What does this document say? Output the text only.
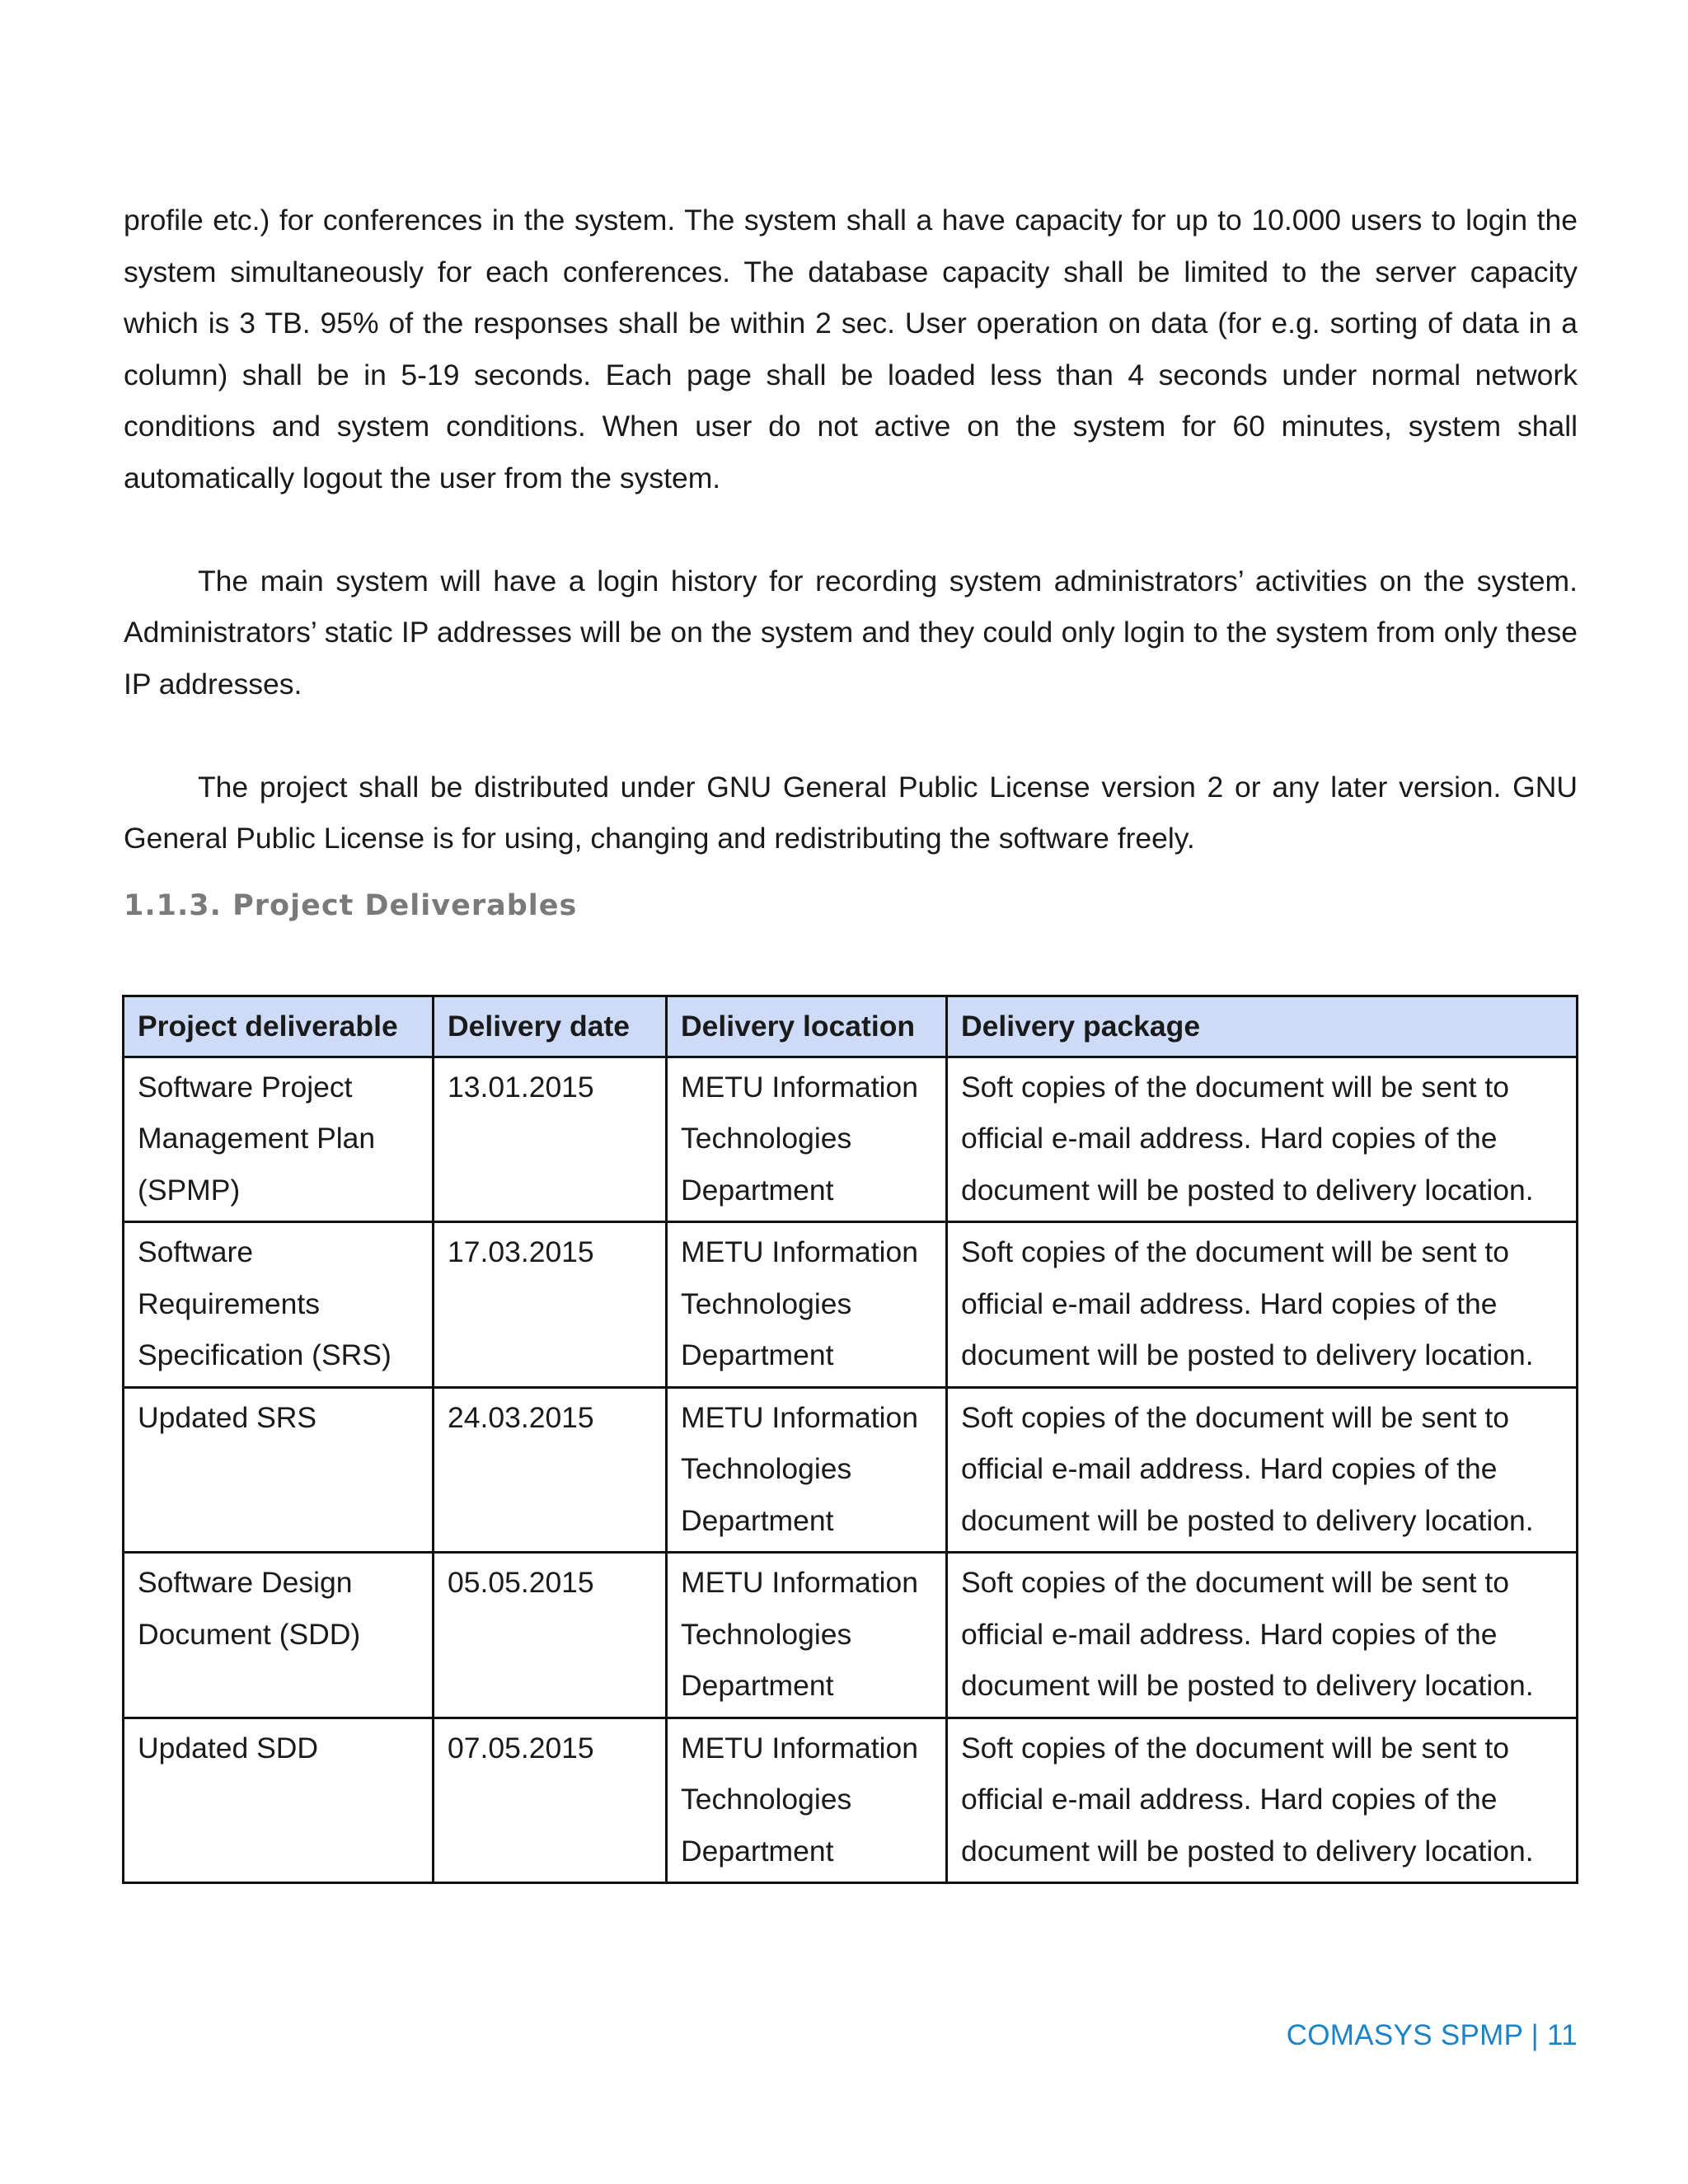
profile etc.) for conferences in the system. The system shall a have capacity for up to 10.000 users to login the system simultaneously for each conferences. The database capacity shall be limited to the server capacity which is 3 TB. 95% of the responses shall be within 2 sec. User operation on data (for e.g. sorting of data in a column) shall be in 5-19 seconds. Each page shall be loaded less than 4 seconds under normal network conditions and system conditions. When user do not active on the system for 60 minutes, system shall automatically logout the user from the system.

The main system will have a login history for recording system administrators’ activities on the system. Administrators’ static IP addresses will be on the system and they could only login to the system from only these IP addresses.

The project shall be distributed under GNU General Public License version 2 or any later version. GNU General Public License is for using, changing and redistributing the software freely.

1.1.3. Project Deliverables
Project deliverable	Delivery date	Delivery location	Delivery package
Software Project Management Plan (SPMP)	13.01.2015	METU Information Technologies Department	Soft copies of the document will be sent to official e-mail address. Hard copies of the document will be posted to delivery location.
Software Requirements Specification (SRS)	17.03.2015	METU Information Technologies Department	Soft copies of the document will be sent to official e-mail address. Hard copies of the document will be posted to delivery location.
Updated SRS	24.03.2015	METU Information Technologies Department	Soft copies of the document will be sent to official e-mail address. Hard copies of the document will be posted to delivery location.
Software Design Document (SDD)	05.05.2015	METU Information Technologies Department	Soft copies of the document will be sent to official e-mail address. Hard copies of the document will be posted to delivery location.
Updated SDD	07.05.2015	METU Information Technologies Department	Soft copies of the document will be sent to official e-mail address. Hard copies of the document will be posted to delivery location.
COMASYS SPMP | 11
